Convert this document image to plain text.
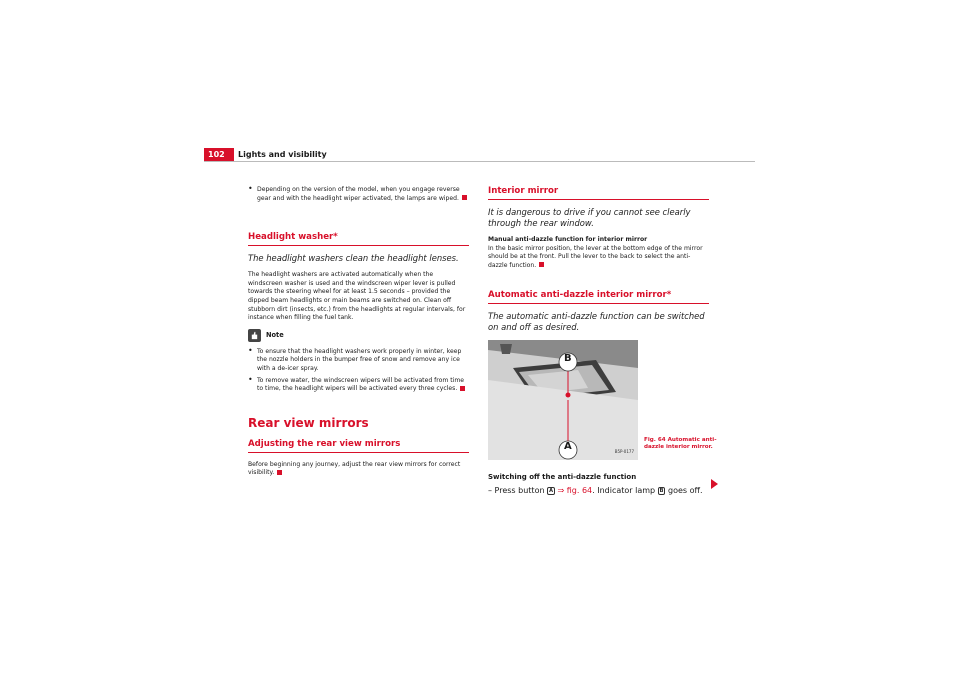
102	Lights and visibility

• Depending on the version of the model, when you engage reverse gear and with the headlight wiper activated, the lamps are wiped.

Headlight washer*
The headlight washers clean the headlight lenses.

The headlight washers are activated automatically when the windscreen washer is used and the windscreen wiper lever is pulled towards the steering wheel for at least 1.5 seconds – provided the dipped beam headlights or main beams are switched on. Clean off stubborn dirt (insects, etc.) from the headlights at regular intervals, for instance when filling the fuel tank.

Note

• To ensure that the headlight washers work properly in winter, keep the nozzle holders in the bumper free of snow and remove any ice with a de-icer spray.

• To remove water, the windscreen wipers will be activated from time to time, the headlight wipers will be activated every three cycles.

Rear view mirrors
Adjusting the rear view mirrors

Before beginning any journey, adjust the rear view mirrors for correct visibility.

Interior mirror
It is dangerous to drive if you cannot see clearly through the rear window.

Manual anti-dazzle function for interior mirror

In the basic mirror position, the lever at the bottom edge of the mirror should be at the front. Pull the lever to the back to select the anti-dazzle function.

Automatic anti-dazzle interior mirror*
The automatic anti-dazzle function can be switched on and off as desired.
B
A	B5P-0177

Switching off the anti-dazzle function

– Press button A ⇒ fig. 64. Indicator lamp B goes off.

Fig. 64 Automatic anti-dazzle interior mirror.
